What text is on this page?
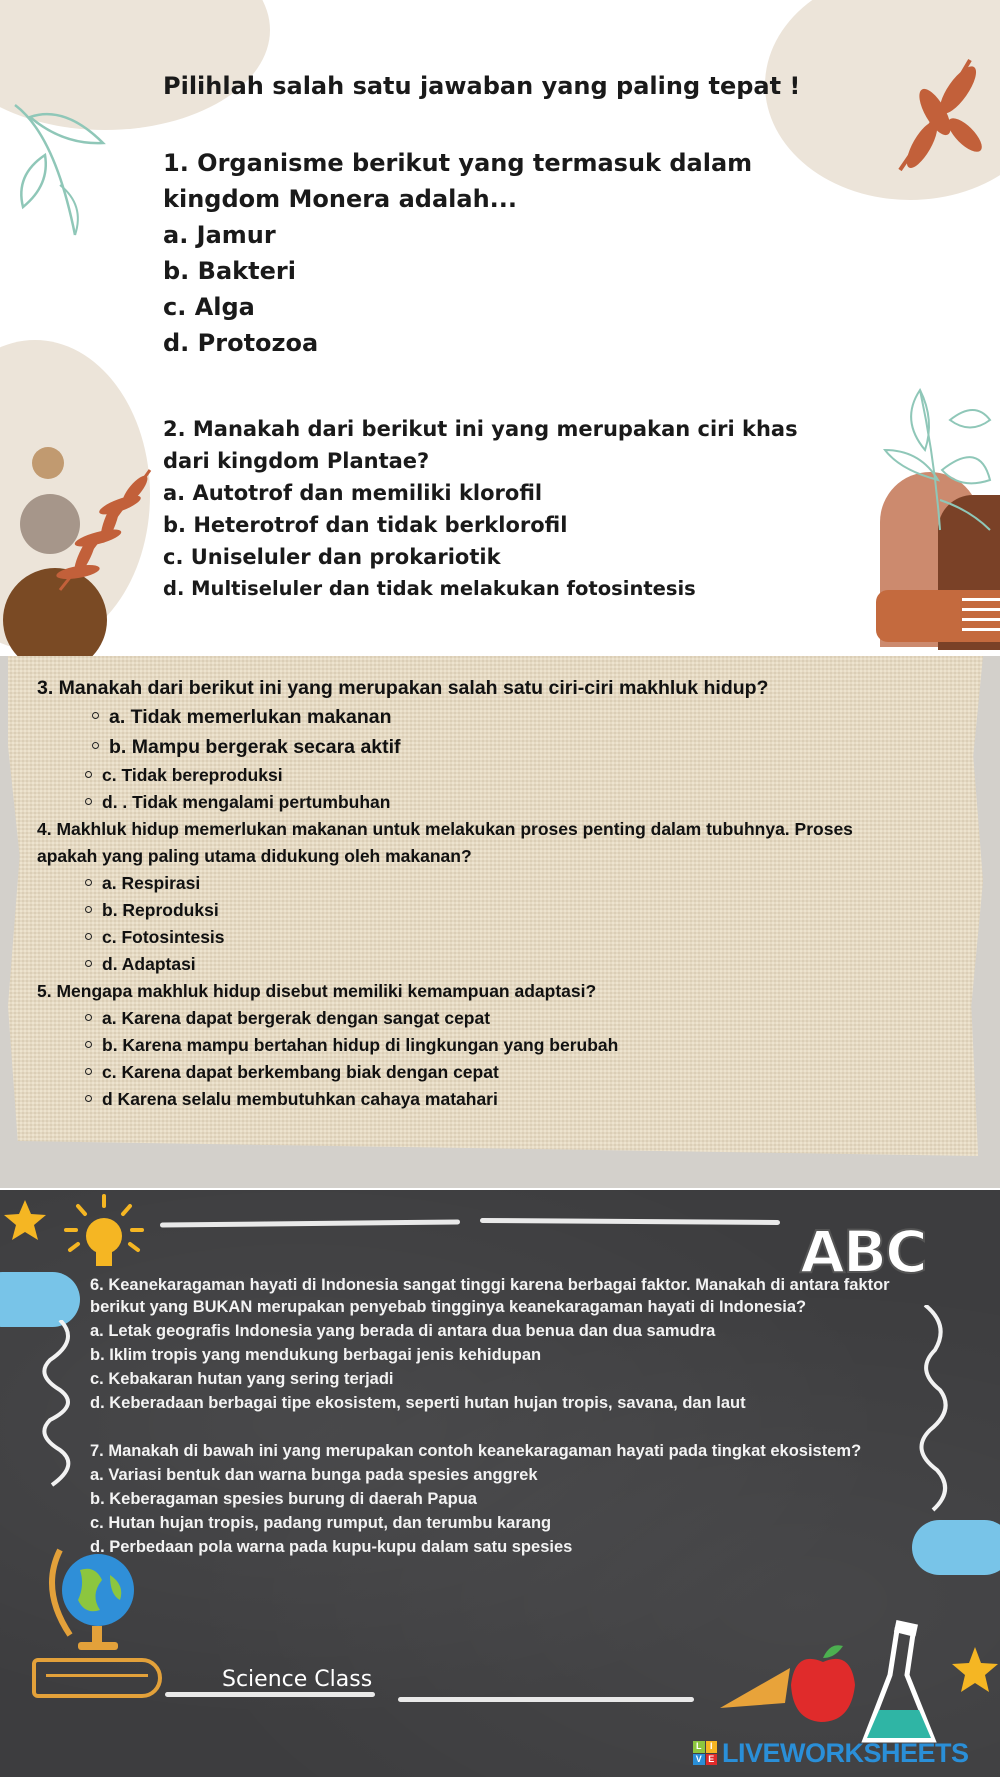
Pilihlah salah satu jawaban yang paling tepat !
1. Organisme berikut yang termasuk dalam
kingdom Monera adalah...
a. Jamur
b. Bakteri
c. Alga
d. Protozoa
2. Manakah dari berikut ini yang merupakan ciri khas
dari kingdom Plantae?
a. Autotrof dan memiliki klorofil
b. Heterotrof dan tidak berklorofil
c. Uniseluler dan prokariotik
d. Multiseluler dan tidak melakukan fotosintesis
3. Manakah dari berikut ini yang merupakan salah satu ciri-ciri makhluk hidup?
a. Tidak memerlukan makanan
b. Mampu bergerak secara aktif
c. Tidak bereproduksi
d. . Tidak mengalami pertumbuhan
4. Makhluk hidup memerlukan makanan untuk melakukan proses penting dalam tubuhnya. Proses
apakah yang paling utama didukung oleh makanan?
a. Respirasi
b. Reproduksi
c. Fotosintesis
d. Adaptasi
5. Mengapa makhluk hidup disebut memiliki kemampuan adaptasi?
a. Karena dapat bergerak dengan sangat cepat
b. Karena mampu bertahan hidup di lingkungan yang berubah
c. Karena dapat berkembang biak dengan cepat
d Karena selalu membutuhkan cahaya matahari
ABC
6. Keanekaragaman hayati di Indonesia sangat tinggi karena berbagai faktor. Manakah di antara faktor
berikut yang BUKAN merupakan penyebab tingginya keanekaragaman hayati di Indonesia?
a. Letak geografis Indonesia yang berada di antara dua benua dan dua samudra
b. Iklim tropis yang mendukung berbagai jenis kehidupan
c. Kebakaran hutan yang sering terjadi
d. Keberadaan berbagai tipe ekosistem, seperti hutan hujan tropis, savana, dan laut
7. Manakah di bawah ini yang merupakan contoh keanekaragaman hayati pada tingkat ekosistem?
a. Variasi bentuk dan warna bunga pada spesies anggrek
b. Keberagaman spesies burung di daerah Papua
c. Hutan hujan tropis, padang rumput, dan terumbu karang
d. Perbedaan pola warna pada kupu-kupu dalam satu spesies
Science Class
L I
V E LIVEWORKSHEETS
